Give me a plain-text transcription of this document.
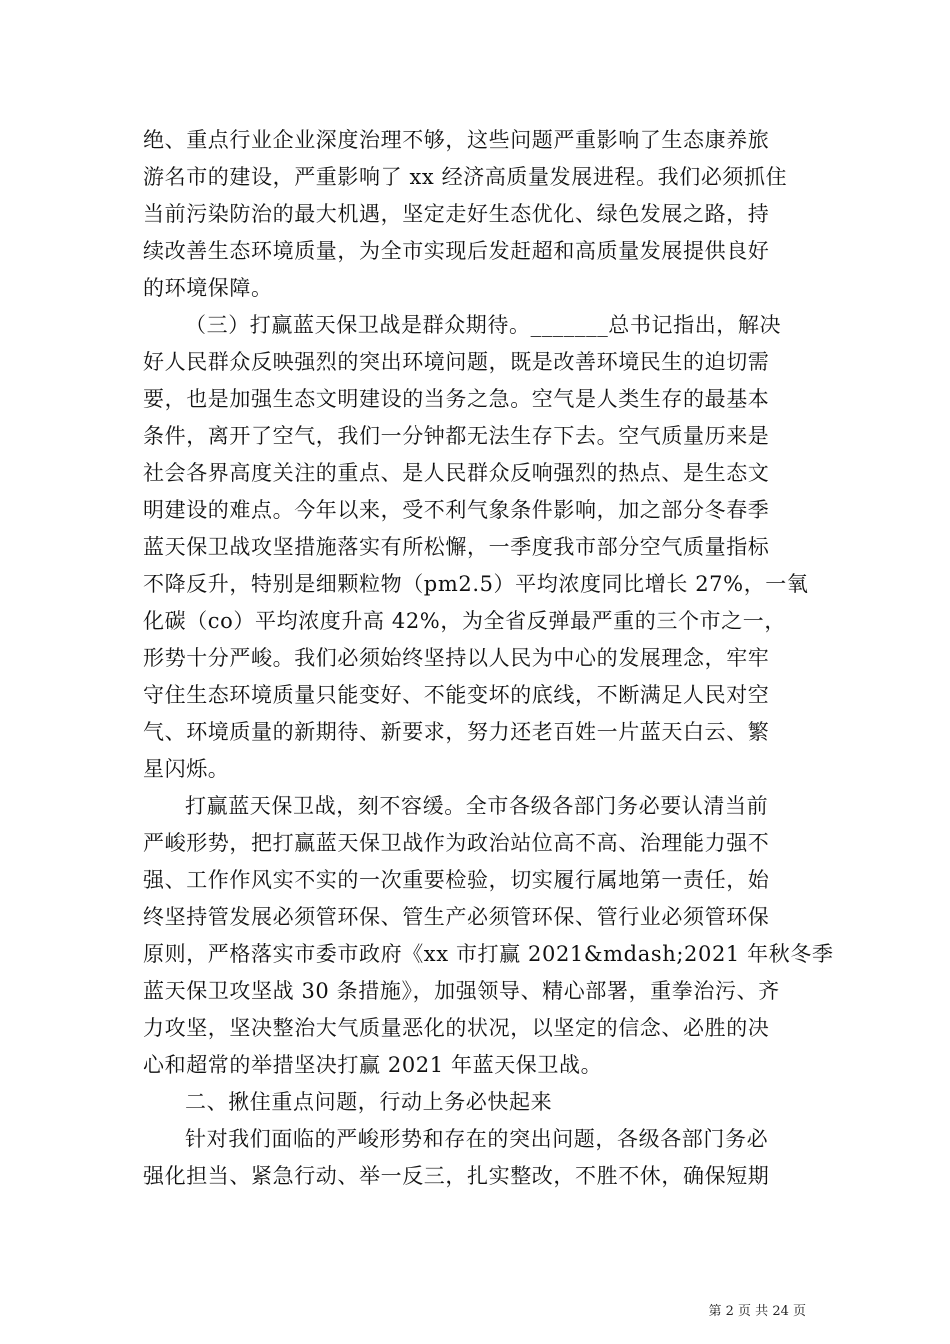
绝、重点行业企业深度治理不够，这些问题严重影响了生态康养旅
游名市的建设，严重影响了 xx 经济高质量发展进程。我们必须抓住
当前污染防治的最大机遇，坚定走好生态优化、绿色发展之路，持
续改善生态环境质量，为全市实现后发赶超和高质量发展提供良好
的环境保障。
（三）打赢蓝天保卫战是群众期待。_______总书记指出，解决
好人民群众反映强烈的突出环境问题，既是改善环境民生的迫切需
要，也是加强生态文明建设的当务之急。空气是人类生存的最基本
条件，离开了空气，我们一分钟都无法生存下去。空气质量历来是
社会各界高度关注的重点、是人民群众反响强烈的热点、是生态文
明建设的难点。今年以来，受不利气象条件影响，加之部分冬春季
蓝天保卫战攻坚措施落实有所松懈，一季度我市部分空气质量指标
不降反升，特别是细颗粒物（pm2.5）平均浓度同比增长 27%，一氧
化碳（co）平均浓度升高 42%，为全省反弹最严重的三个市之一，
形势十分严峻。我们必须始终坚持以人民为中心的发展理念，牢牢
守住生态环境质量只能变好、不能变坏的底线，不断满足人民对空
气、环境质量的新期待、新要求，努力还老百姓一片蓝天白云、繁
星闪烁。
打赢蓝天保卫战，刻不容缓。全市各级各部门务必要认清当前
严峻形势，把打赢蓝天保卫战作为政治站位高不高、治理能力强不
强、工作作风实不实的一次重要检验，切实履行属地第一责任，始
终坚持管发展必须管环保、管生产必须管环保、管行业必须管环保
原则，严格落实市委市政府《xx 市打赢 2021&mdash;2021 年秋冬季
蓝天保卫攻坚战 30 条措施》，加强领导、精心部署，重拳治污、齐
力攻坚，坚决整治大气质量恶化的状况，以坚定的信念、必胜的决
心和超常的举措坚决打赢 2021 年蓝天保卫战。
二、揪住重点问题，行动上务必快起来
针对我们面临的严峻形势和存在的突出问题，各级各部门务必
强化担当、紧急行动、举一反三，扎实整改，不胜不休，确保短期
第 2 页 共 24 页
